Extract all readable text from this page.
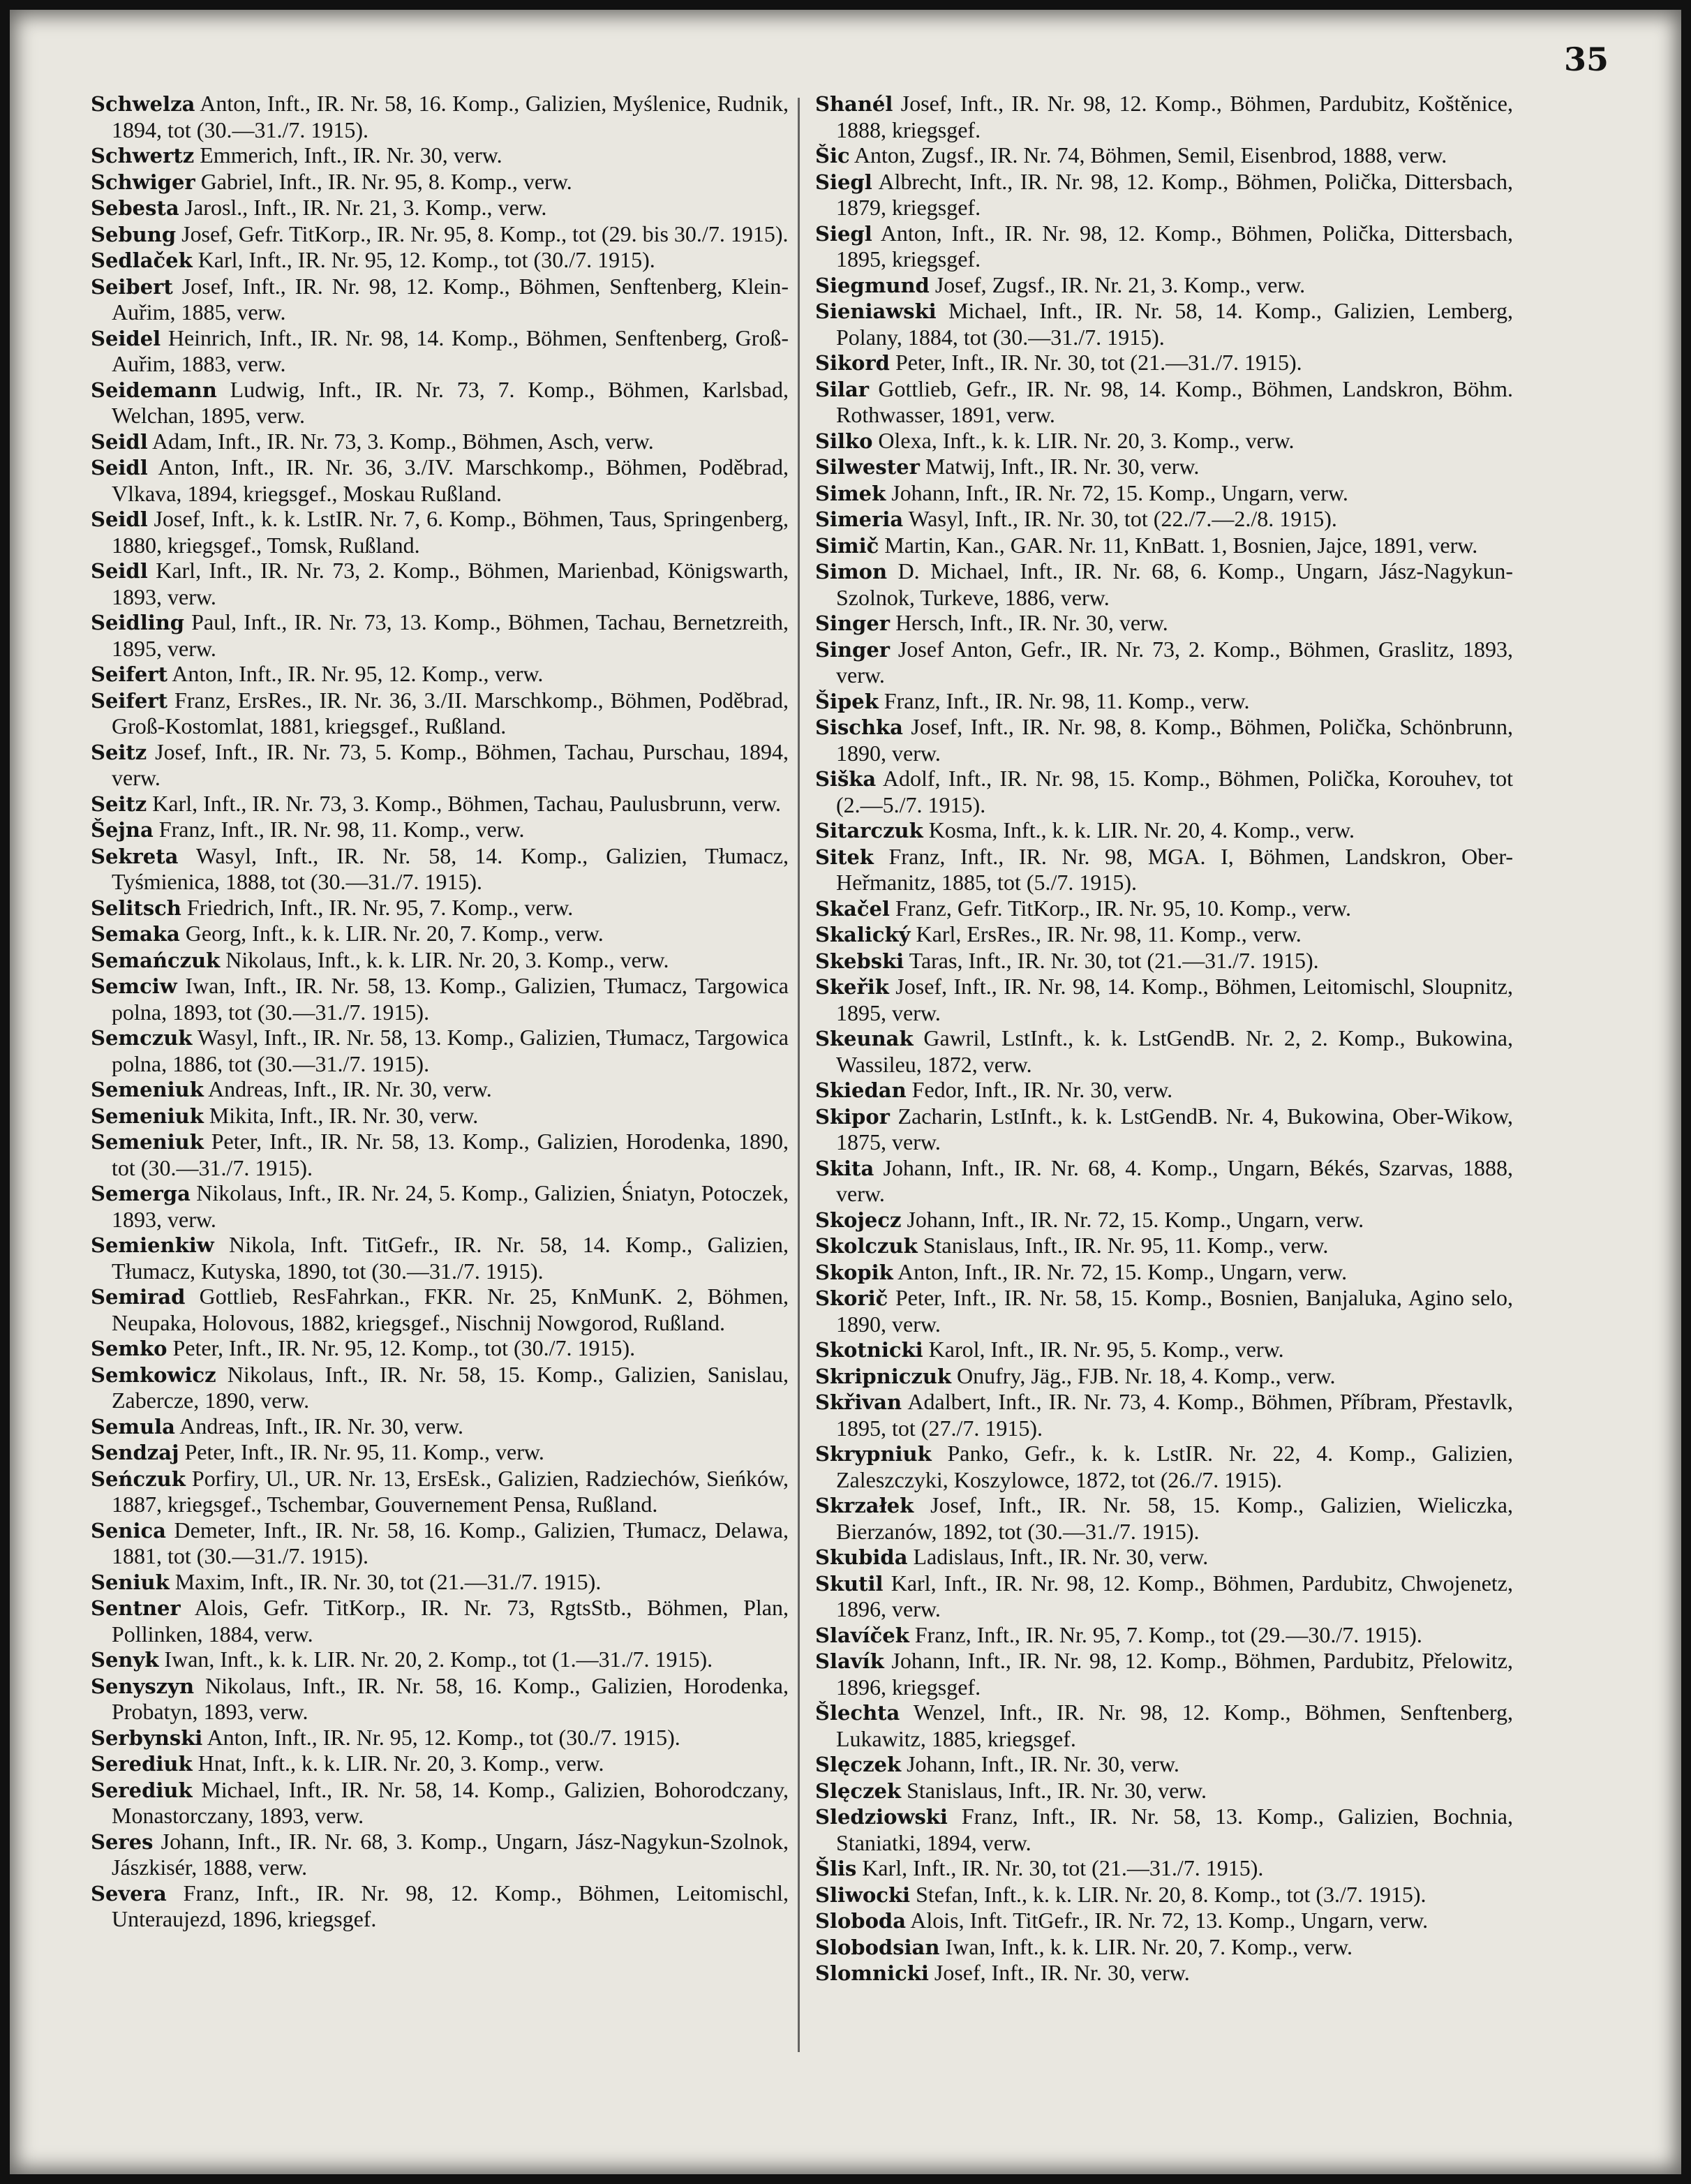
35
Schwelza Anton, Inft., IR. Nr. 58, 16. Komp., Galizien, Myślenice, Rudnik, 1894, tot (30.—31./7. 1915).
Schwertz Emmerich, Inft., IR. Nr. 30, verw.
Schwiger Gabriel, Inft., IR. Nr. 95, 8. Komp., verw.
Sebesta Jarosl., Inft., IR. Nr. 21, 3. Komp., verw.
Sebung Josef, Gefr. TitKorp., IR. Nr. 95, 8. Komp., tot (29. bis 30./7. 1915).
Sedlaček Karl, Inft., IR. Nr. 95, 12. Komp., tot (30./7. 1915).
Seibert Josef, Inft., IR. Nr. 98, 12. Komp., Böhmen, Senftenberg, Klein-Auřim, 1885, verw.
Seidel Heinrich, Inft., IR. Nr. 98, 14. Komp., Böhmen, Senftenberg, Groß-Auřim, 1883, verw.
Seidemann Ludwig, Inft., IR. Nr. 73, 7. Komp., Böhmen, Karlsbad, Welchan, 1895, verw.
Seidl Adam, Inft., IR. Nr. 73, 3. Komp., Böhmen, Asch, verw.
Seidl Anton, Inft., IR. Nr. 36, 3./IV. Marschkomp., Böhmen, Poděbrad, Vlkava, 1894, kriegsgef., Moskau Rußland.
Seidl Josef, Inft., k. k. LstIR. Nr. 7, 6. Komp., Böhmen, Taus, Springenberg, 1880, kriegsgef., Tomsk, Rußland.
Seidl Karl, Inft., IR. Nr. 73, 2. Komp., Böhmen, Marienbad, Königswarth, 1893, verw.
Seidling Paul, Inft., IR. Nr. 73, 13. Komp., Böhmen, Tachau, Bernetzreith, 1895, verw.
Seifert Anton, Inft., IR. Nr. 95, 12. Komp., verw.
Seifert Franz, ErsRes., IR. Nr. 36, 3./II. Marschkomp., Böhmen, Poděbrad, Groß-Kostomlat, 1881, kriegsgef., Rußland.
Seitz Josef, Inft., IR. Nr. 73, 5. Komp., Böhmen, Tachau, Purschau, 1894, verw.
Seitz Karl, Inft., IR. Nr. 73, 3. Komp., Böhmen, Tachau, Paulusbrunn, verw.
Šejna Franz, Inft., IR. Nr. 98, 11. Komp., verw.
Sekreta Wasyl, Inft., IR. Nr. 58, 14. Komp., Galizien, Tłumacz, Tyśmienica, 1888, tot (30.—31./7. 1915).
Selitsch Friedrich, Inft., IR. Nr. 95, 7. Komp., verw.
Semaka Georg, Inft., k. k. LIR. Nr. 20, 7. Komp., verw.
Semańczuk Nikolaus, Inft., k. k. LIR. Nr. 20, 3. Komp., verw.
Semciw Iwan, Inft., IR. Nr. 58, 13. Komp., Galizien, Tłumacz, Targowica polna, 1893, tot (30.—31./7. 1915).
Semczuk Wasyl, Inft., IR. Nr. 58, 13. Komp., Galizien, Tłumacz, Targowica polna, 1886, tot (30.—31./7. 1915).
Semeniuk Andreas, Inft., IR. Nr. 30, verw.
Semeniuk Mikita, Inft., IR. Nr. 30, verw.
Semeniuk Peter, Inft., IR. Nr. 58, 13. Komp., Galizien, Horodenka, 1890, tot (30.—31./7. 1915).
Semerga Nikolaus, Inft., IR. Nr. 24, 5. Komp., Galizien, Śniatyn, Potoczek, 1893, verw.
Semienkiw Nikola, Inft. TitGefr., IR. Nr. 58, 14. Komp., Galizien, Tłumacz, Kutyska, 1890, tot (30.—31./7. 1915).
Semirad Gottlieb, ResFahrkan., FKR. Nr. 25, KnMunK. 2, Böhmen, Neupaka, Holovous, 1882, kriegsgef., Nischnij Nowgorod, Rußland.
Semko Peter, Inft., IR. Nr. 95, 12. Komp., tot (30./7. 1915).
Semkowicz Nikolaus, Inft., IR. Nr. 58, 15. Komp., Galizien, Sanislau, Zabercze, 1890, verw.
Semula Andreas, Inft., IR. Nr. 30, verw.
Sendzaj Peter, Inft., IR. Nr. 95, 11. Komp., verw.
Seńczuk Porfiry, Ul., UR. Nr. 13, ErsEsk., Galizien, Radziechów, Sieńków, 1887, kriegsgef., Tschembar, Gouvernement Pensa, Rußland.
Senica Demeter, Inft., IR. Nr. 58, 16. Komp., Galizien, Tłumacz, Delawa, 1881, tot (30.—31./7. 1915).
Seniuk Maxim, Inft., IR. Nr. 30, tot (21.—31./7. 1915).
Sentner Alois, Gefr. TitKorp., IR. Nr. 73, RgtsStb., Böhmen, Plan, Pollinken, 1884, verw.
Senyk Iwan, Inft., k. k. LIR. Nr. 20, 2. Komp., tot (1.—31./7. 1915).
Senyszyn Nikolaus, Inft., IR. Nr. 58, 16. Komp., Galizien, Horodenka, Probatyn, 1893, verw.
Serbynski Anton, Inft., IR. Nr. 95, 12. Komp., tot (30./7. 1915).
Serediuk Hnat, Inft., k. k. LIR. Nr. 20, 3. Komp., verw.
Serediuk Michael, Inft., IR. Nr. 58, 14. Komp., Galizien, Bohorodczany, Monastorczany, 1893, verw.
Seres Johann, Inft., IR. Nr. 68, 3. Komp., Ungarn, Jász-Nagykun-Szolnok, Jászkisér, 1888, verw.
Severa Franz, Inft., IR. Nr. 98, 12. Komp., Böhmen, Leitomischl, Unteraujezd, 1896, kriegsgef.
Shanél Josef, Inft., IR. Nr. 98, 12. Komp., Böhmen, Pardubitz, Koštěnice, 1888, kriegsgef.
Šic Anton, Zugsf., IR. Nr. 74, Böhmen, Semil, Eisenbrod, 1888, verw.
Siegl Albrecht, Inft., IR. Nr. 98, 12. Komp., Böhmen, Polička, Dittersbach, 1879, kriegsgef.
Siegl Anton, Inft., IR. Nr. 98, 12. Komp., Böhmen, Polička, Dittersbach, 1895, kriegsgef.
Siegmund Josef, Zugsf., IR. Nr. 21, 3. Komp., verw.
Sieniawski Michael, Inft., IR. Nr. 58, 14. Komp., Galizien, Lemberg, Polany, 1884, tot (30.—31./7. 1915).
Sikord Peter, Inft., IR. Nr. 30, tot (21.—31./7. 1915).
Silar Gottlieb, Gefr., IR. Nr. 98, 14. Komp., Böhmen, Landskron, Böhm. Rothwasser, 1891, verw.
Silko Olexa, Inft., k. k. LIR. Nr. 20, 3. Komp., verw.
Silwester Matwij, Inft., IR. Nr. 30, verw.
Simek Johann, Inft., IR. Nr. 72, 15. Komp., Ungarn, verw.
Simeria Wasyl, Inft., IR. Nr. 30, tot (22./7.—2./8. 1915).
Simič Martin, Kan., GAR. Nr. 11, KnBatt. 1, Bosnien, Jajce, 1891, verw.
Simon D. Michael, Inft., IR. Nr. 68, 6. Komp., Ungarn, Jász-Nagykun-Szolnok, Turkeve, 1886, verw.
Singer Hersch, Inft., IR. Nr. 30, verw.
Singer Josef Anton, Gefr., IR. Nr. 73, 2. Komp., Böhmen, Graslitz, 1893, verw.
Šipek Franz, Inft., IR. Nr. 98, 11. Komp., verw.
Sischka Josef, Inft., IR. Nr. 98, 8. Komp., Böhmen, Polička, Schönbrunn, 1890, verw.
Siška Adolf, Inft., IR. Nr. 98, 15. Komp., Böhmen, Polička, Korouhev, tot (2.—5./7. 1915).
Sitarczuk Kosma, Inft., k. k. LIR. Nr. 20, 4. Komp., verw.
Sitek Franz, Inft., IR. Nr. 98, MGA. I, Böhmen, Landskron, Ober-Heřmanitz, 1885, tot (5./7. 1915).
Skačel Franz, Gefr. TitKorp., IR. Nr. 95, 10. Komp., verw.
Skalický Karl, ErsRes., IR. Nr. 98, 11. Komp., verw.
Skebski Taras, Inft., IR. Nr. 30, tot (21.—31./7. 1915).
Skeřik Josef, Inft., IR. Nr. 98, 14. Komp., Böhmen, Leitomischl, Sloupnitz, 1895, verw.
Skeunak Gawril, LstInft., k. k. LstGendB. Nr. 2, 2. Komp., Bukowina, Wassileu, 1872, verw.
Skiedan Fedor, Inft., IR. Nr. 30, verw.
Skipor Zacharin, LstInft., k. k. LstGendB. Nr. 4, Bukowina, Ober-Wikow, 1875, verw.
Skita Johann, Inft., IR. Nr. 68, 4. Komp., Ungarn, Békés, Szarvas, 1888, verw.
Skojecz Johann, Inft., IR. Nr. 72, 15. Komp., Ungarn, verw.
Skolczuk Stanislaus, Inft., IR. Nr. 95, 11. Komp., verw.
Skopik Anton, Inft., IR. Nr. 72, 15. Komp., Ungarn, verw.
Skorič Peter, Inft., IR. Nr. 58, 15. Komp., Bosnien, Banjaluka, Agino selo, 1890, verw.
Skotnicki Karol, Inft., IR. Nr. 95, 5. Komp., verw.
Skripniczuk Onufry, Jäg., FJB. Nr. 18, 4. Komp., verw.
Skřivan Adalbert, Inft., IR. Nr. 73, 4. Komp., Böhmen, Příbram, Přestavlk, 1895, tot (27./7. 1915).
Skrypniuk Panko, Gefr., k. k. LstIR. Nr. 22, 4. Komp., Galizien, Zaleszczyki, Koszylowce, 1872, tot (26./7. 1915).
Skrzałek Josef, Inft., IR. Nr. 58, 15. Komp., Galizien, Wieliczka, Bierzanów, 1892, tot (30.—31./7. 1915).
Skubida Ladislaus, Inft., IR. Nr. 30, verw.
Skutil Karl, Inft., IR. Nr. 98, 12. Komp., Böhmen, Pardubitz, Chwojenetz, 1896, verw.
Slavíček Franz, Inft., IR. Nr. 95, 7. Komp., tot (29.—30./7. 1915).
Slavík Johann, Inft., IR. Nr. 98, 12. Komp., Böhmen, Pardubitz, Přelowitz, 1896, kriegsgef.
Šlechta Wenzel, Inft., IR. Nr. 98, 12. Komp., Böhmen, Senftenberg, Lukawitz, 1885, kriegsgef.
Slęczek Johann, Inft., IR. Nr. 30, verw.
Slęczek Stanislaus, Inft., IR. Nr. 30, verw.
Sledziowski Franz, Inft., IR. Nr. 58, 13. Komp., Galizien, Bochnia, Staniatki, 1894, verw.
Šlis Karl, Inft., IR. Nr. 30, tot (21.—31./7. 1915).
Sliwocki Stefan, Inft., k. k. LIR. Nr. 20, 8. Komp., tot (3./7. 1915).
Sloboda Alois, Inft. TitGefr., IR. Nr. 72, 13. Komp., Ungarn, verw.
Slobodsian Iwan, Inft., k. k. LIR. Nr. 20, 7. Komp., verw.
Slomnicki Josef, Inft., IR. Nr. 30, verw.
